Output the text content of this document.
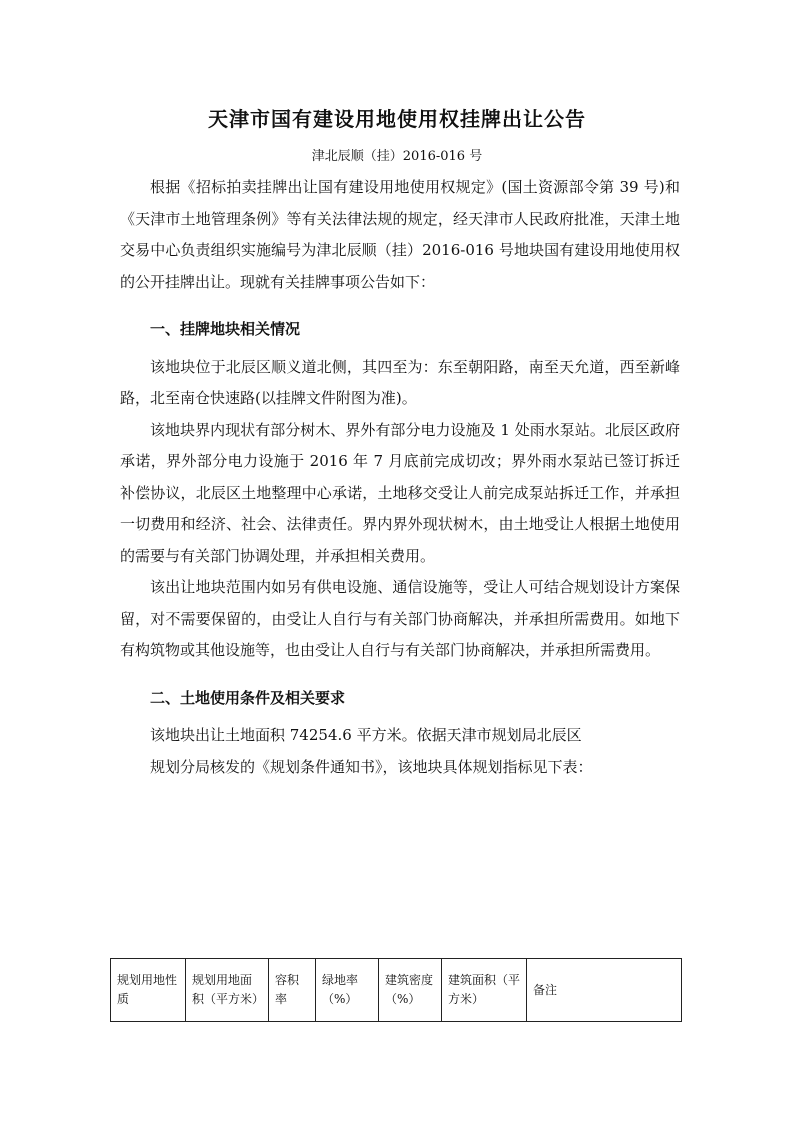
天津市国有建设用地使用权挂牌出让公告

津北辰顺（挂）2016-016 号

根据《招标拍卖挂牌出让国有建设用地使用权规定》(国土资源部令第 39 号)和《天津市土地管理条例》等有关法律法规的规定，经天津市人民政府批准，天津土地交易中心负责组织实施编号为津北辰顺（挂）2016-016 号地块国有建设用地使用权的公开挂牌出让。现就有关挂牌事项公告如下：

一、挂牌地块相关情况

该地块位于北辰区顺义道北侧，其四至为：东至朝阳路，南至天允道，西至新峰路，北至南仓快速路(以挂牌文件附图为准)。

该地块界内现状有部分树木、界外有部分电力设施及 1 处雨水泵站。北辰区政府承诺，界外部分电力设施于 2016 年 7 月底前完成切改；界外雨水泵站已签订拆迁补偿协议，北辰区土地整理中心承诺，土地移交受让人前完成泵站拆迁工作，并承担一切费用和经济、社会、法律责任。界内界外现状树木，由土地受让人根据土地使用的需要与有关部门协调处理，并承担相关费用。

该出让地块范围内如另有供电设施、通信设施等，受让人可结合规划设计方案保留，对不需要保留的，由受让人自行与有关部门协商解决，并承担所需费用。如地下有构筑物或其他设施等，也由受让人自行与有关部门协商解决，并承担所需费用。

二、土地使用条件及相关要求

该地块出让土地面积 74254.6 平方米。依据天津市规划局北辰区

规划分局核发的《规划条件通知书》，该地块具体规划指标见下表：

规划用地性质	规划用地面积（平方米）	容积率	绿地率（%）	建筑密度（%）	建筑面积（平方米）	备注
